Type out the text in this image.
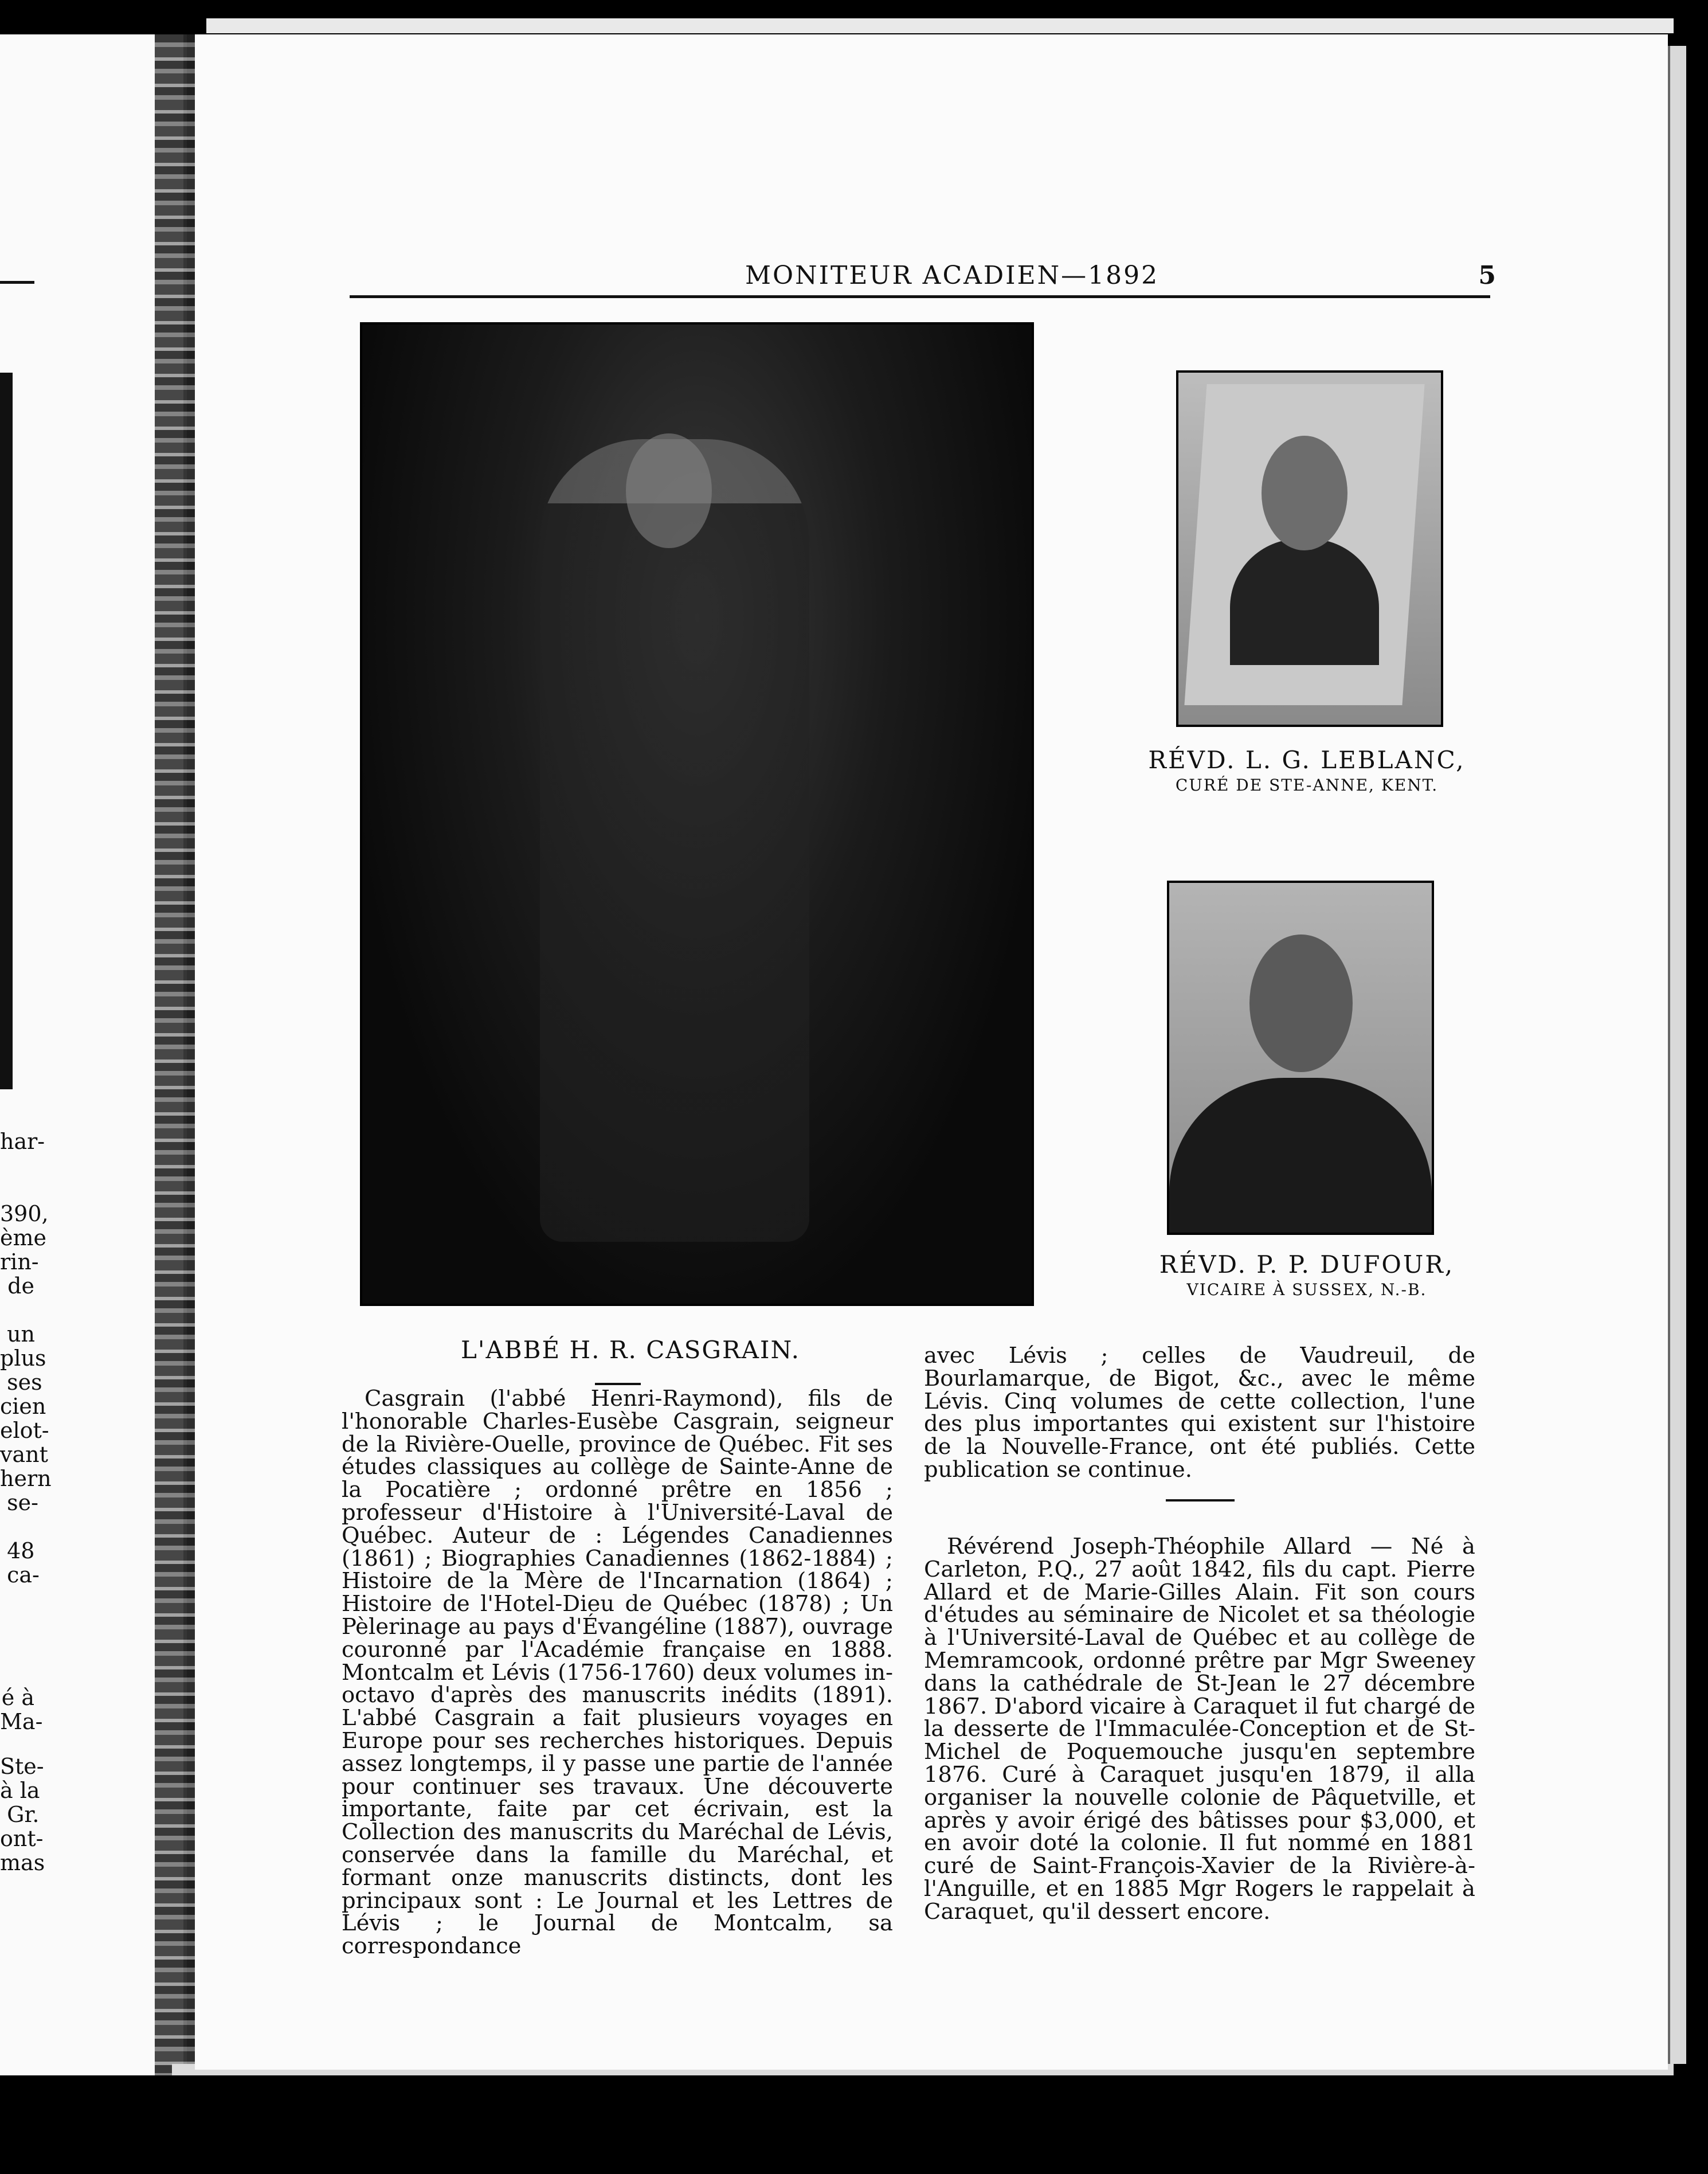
har-

390,
ème
rin-
de

un
plus
ses
cien
elot-
vant
hern
se-

48
ca-
é à
Ma-
Ste-
à la
Gr.
ont-
mas
MONITEUR ACADIEN—1892	5
RÉVD. L. G. LEBLANC,
CURÉ DE STE-ANNE, KENT.
RÉVD. P. P. DUFOUR,
VICAIRE À SUSSEX, N.-B.
L'ABBÉ H. R. CASGRAIN.

Casgrain (l'abbé Henri-Raymond), fils de l'honorable Charles-Eusèbe Casgrain, seigneur de la Rivière-Ouelle, province de Québec. Fit ses études classiques au collège de Sainte-Anne de la Pocatière ; ordonné prêtre en 1856 ; professeur d'Histoire à l'Université-Laval de Québec. Auteur de : Légendes Canadiennes (1861) ; Biographies Canadiennes (1862-1884) ; Histoire de la Mère de l'Incarnation (1864) ; Histoire de l'Hotel-Dieu de Québec (1878) ; Un Pèlerinage au pays d'Évangéline (1887), ouvrage couronné par l'Académie française en 1888. Montcalm et Lévis (1756-1760) deux volumes in-octavo d'après des manuscrits inédits (1891). L'abbé Casgrain a fait plusieurs voyages en Europe pour ses recherches historiques. Depuis assez longtemps, il y passe une partie de l'année pour continuer ses travaux. Une découverte importante, faite par cet écrivain, est la Collection des manuscrits du Maréchal de Lévis, conservée dans la famille du Maréchal, et formant onze manuscrits distincts, dont les principaux sont : Le Journal et les Lettres de Lévis ; le Journal de Montcalm, sa correspondance

avec Lévis ; celles de Vaudreuil, de Bourlamarque, de Bigot, &c., avec le même Lévis. Cinq volumes de cette collection, l'une des plus importantes qui existent sur l'histoire de la Nouvelle-France, ont été publiés. Cette publication se continue.

Révérend Joseph-Théophile Allard — Né à Carleton, P.Q., 27 août 1842, fils du capt. Pierre Allard et de Marie-Gilles Alain. Fit son cours d'études au séminaire de Nicolet et sa théologie à l'Université-Laval de Québec et au collège de Memramcook, ordonné prêtre par Mgr Sweeney dans la cathédrale de St-Jean le 27 décembre 1867. D'abord vicaire à Caraquet il fut chargé de la desserte de l'Immaculée-Conception et de St-Michel de Poquemouche jusqu'en septembre 1876. Curé à Caraquet jusqu'en 1879, il alla organiser la nouvelle colonie de Pâquetville, et après y avoir érigé des bâtisses pour $3,000, et en avoir doté la colonie. Il fut nommé en 1881 curé de Saint-François-Xavier de la Rivière-à-l'Anguille, et en 1885 Mgr Rogers le rappelait à Caraquet, qu'il dessert encore.
